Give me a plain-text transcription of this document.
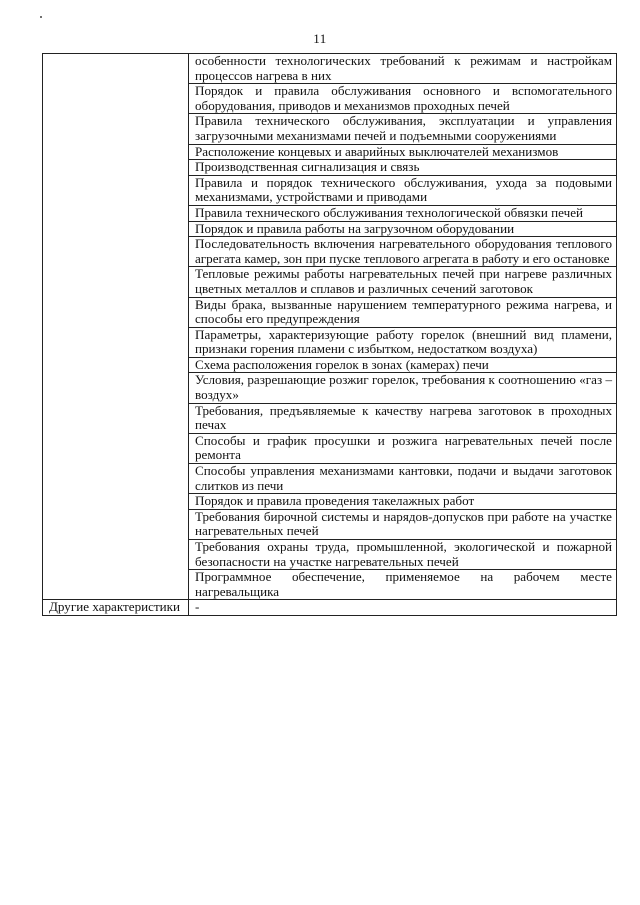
11
	особенности технологических требований к режимам и настройкам процессов нагрева в них
	Порядок и правила обслуживания основного и вспомогательного оборудования, приводов и механизмов проходных печей
	Правила технического обслуживания, эксплуатации и управления загрузочными механизмами печей и подъемными сооружениями
	Расположение концевых и аварийных выключателей механизмов
	Производственная сигнализация и связь
	Правила и порядок технического обслуживания, ухода за подовыми механизмами, устройствами и приводами
	Правила технического обслуживания технологической обвязки печей
	Порядок и правила работы на загрузочном оборудовании
	Последовательность включения нагревательного оборудования теплового агрегата камер, зон при пуске теплового агрегата в работу и его остановке
	Тепловые режимы работы нагревательных печей при нагреве различных цветных металлов и сплавов и различных сечений заготовок
	Виды брака, вызванные нарушением температурного режима нагрева, и способы его предупреждения
	Параметры, характеризующие работу горелок (внешний вид пламени, признаки горения пламени с избытком, недостатком воздуха)
	Схема расположения горелок в зонах (камерах) печи
	Условия, разрешающие розжиг горелок, требования к соотношению «газ – воздух»
	Требования, предъявляемые к качеству нагрева заготовок в проходных печах
	Способы и график просушки и розжига нагревательных печей после ремонта
	Способы управления механизмами кантовки, подачи и выдачи заготовок слитков из печи
	Порядок и правила проведения такелажных работ
	Требования бирочной системы и нарядов-допусков при работе на участке нагревательных печей
	Требования охраны труда, промышленной, экологической и пожарной безопасности на участке нагревательных печей
	Программное обеспечение, применяемое на рабочем месте нагревальщика
Другие характеристики	-
